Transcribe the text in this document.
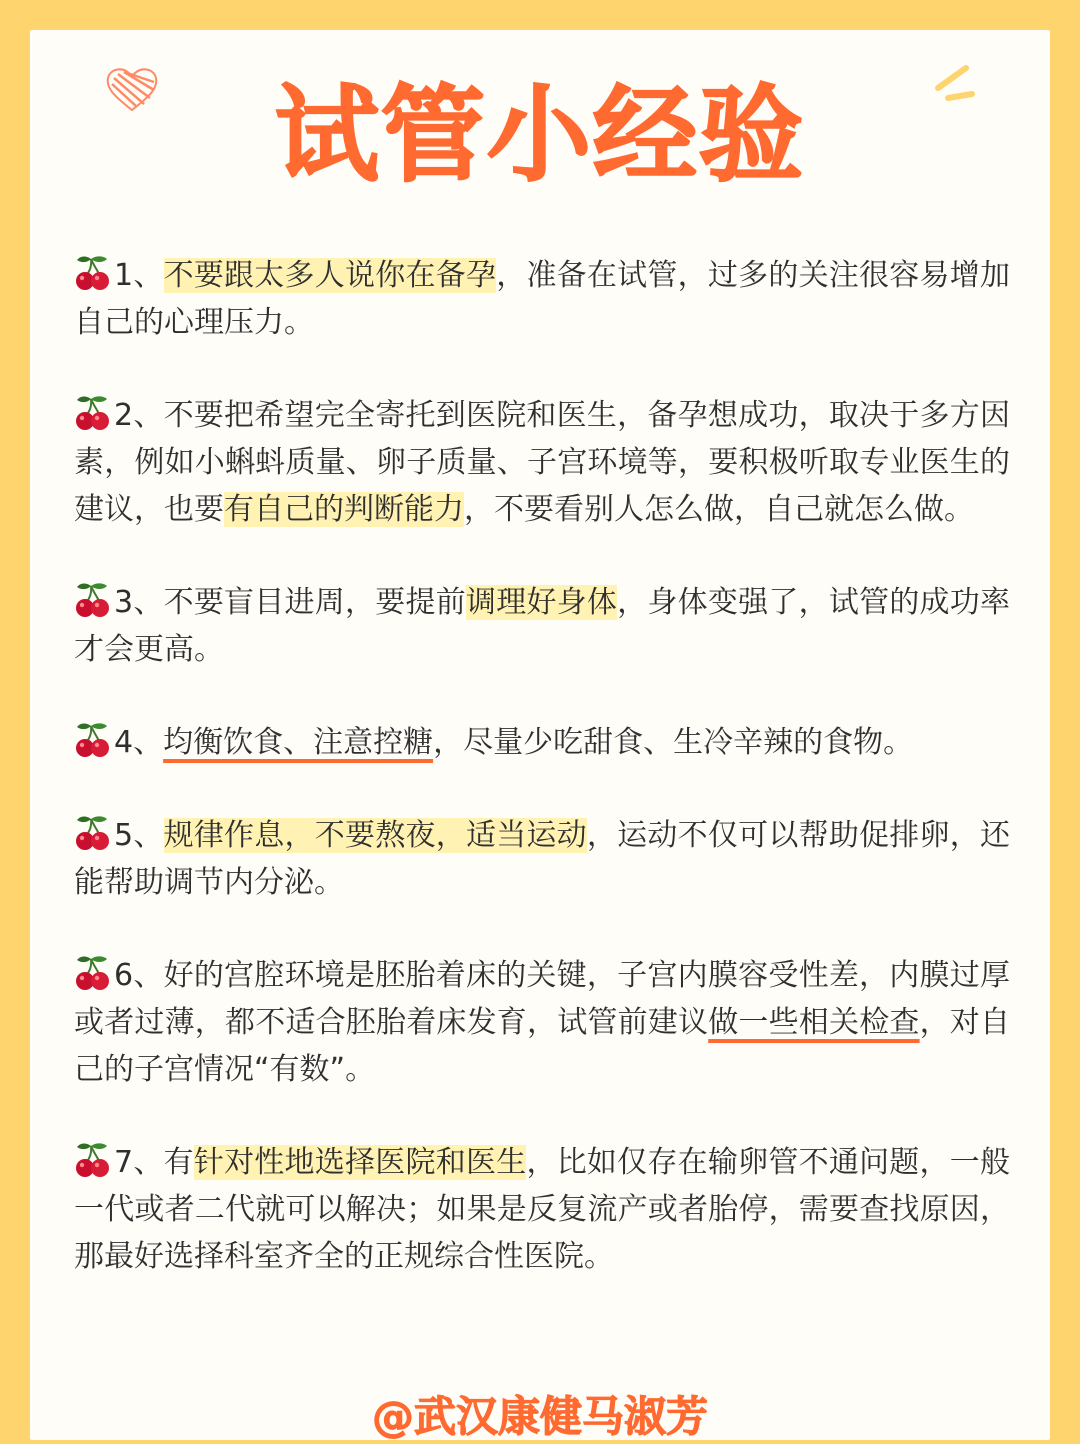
试管小经验
1、不要跟太多人说你在备孕，准备在试管，过多的关注很容易增加自己的心理压力。
2、不要把希望完全寄托到医院和医生，备孕想成功，取决于多方因素，例如小蝌蚪质量、卵子质量、子宫环境等，要积极听取专业医生的建议，也要有自己的判断能力，不要看别人怎么做，自己就怎么做。
3、不要盲目进周，要提前调理好身体，身体变强了，试管的成功率才会更高。
4、均衡饮食、注意控糖，尽量少吃甜食、生冷辛辣的食物。
5、规律作息，不要熬夜，适当运动，运动不仅可以帮助促排卵，还能帮助调节内分泌。
6、好的宫腔环境是胚胎着床的关键，子宫内膜容受性差，内膜过厚或者过薄，都不适合胚胎着床发育，试管前建议做一些相关检查，对自己的子宫情况“有数”。
7、有针对性地选择医院和医生，比如仅存在输卵管不通问题，一般一代或者二代就可以解决；如果是反复流产或者胎停，需要查找原因，那最好选择科室齐全的正规综合性医院。
@武汉康健马淑芳
